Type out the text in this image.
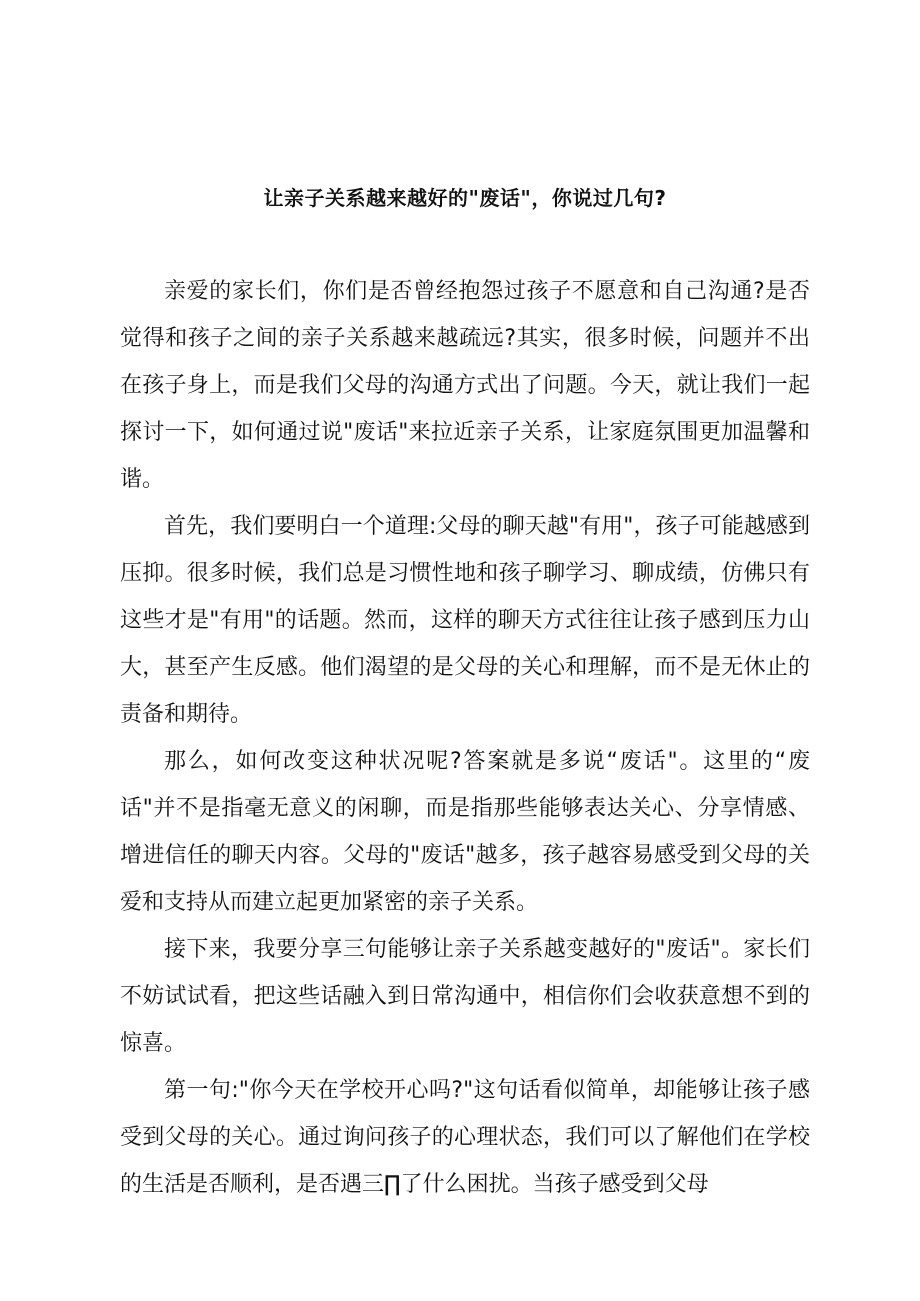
让亲子关系越来越好的"废话"，你说过几句?

亲爱的家长们，你们是否曾经抱怨过孩子不愿意和自己沟通?是否觉得和孩子之间的亲子关系越来越疏远?其实，很多时候，问题并不出在孩子身上，而是我们父母的沟通方式出了问题。今天，就让我们一起探讨一下，如何通过说"废话"来拉近亲子关系，让家庭氛围更加温馨和谐。

首先，我们要明白一个道理:父母的聊天越"有用"，孩子可能越感到压抑。很多时候，我们总是习惯性地和孩子聊学习、聊成绩，仿佛只有这些才是"有用"的话题。然而，这样的聊天方式往往让孩子感到压力山大，甚至产生反感。他们渴望的是父母的关心和理解，而不是无休止的责备和期待。

那么，如何改变这种状况呢?答案就是多说“废话"。这里的“废话"并不是指毫无意义的闲聊，而是指那些能够表达关心、分享情感、增进信任的聊天内容。父母的"废话"越多，孩子越容易感受到父母的关爱和支持从而建立起更加紧密的亲子关系。

接下来，我要分享三句能够让亲子关系越变越好的"废话"。家长们不妨试试看，把这些话融入到日常沟通中，相信你们会收获意想不到的惊喜。

第一句:"你今天在学校开心吗?"这句话看似简单，却能够让孩子感受到父母的关心。通过询问孩子的心理状态，我们可以了解他们在学校的生活是否顺利，是否遇三∏了什么困扰。当孩子感受到父母
